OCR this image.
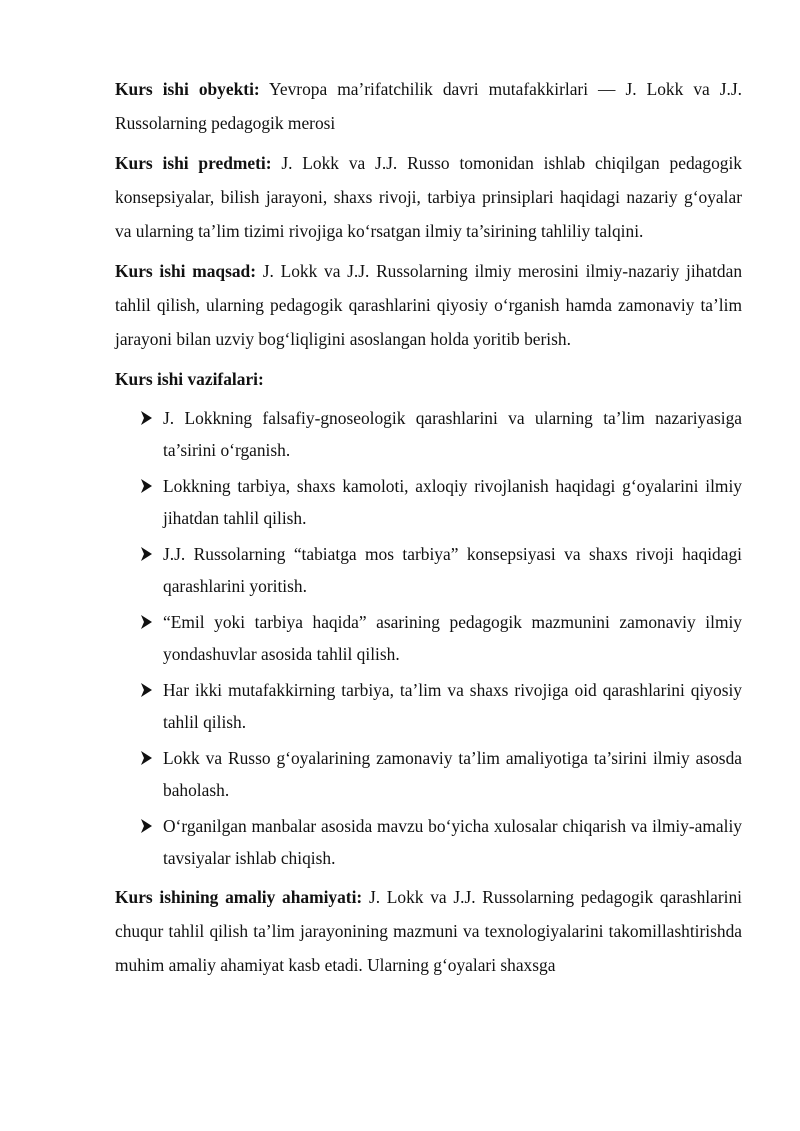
Kurs ishi obyekti: Yevropa ma’rifatchilik davri mutafakkirlari — J. Lokk va J.J. Russolarning pedagogik merosi

Kurs ishi predmeti: J. Lokk va J.J. Russo tomonidan ishlab chiqilgan pedagogik konsepsiyalar, bilish jarayoni, shaxs rivoji, tarbiya prinsiplari haqidagi nazariy g‘oyalar va ularning ta’lim tizimi rivojiga ko‘rsatgan ilmiy ta’sirining tahliliy talqini.

Kurs ishi maqsad: J. Lokk va J.J. Russolarning ilmiy merosini ilmiy-nazariy jihatdan tahlil qilish, ularning pedagogik qarashlarini qiyosiy o‘rganish hamda zamonaviy ta’lim jarayoni bilan uzviy bog‘liqligini asoslangan holda yoritib berish.

Kurs ishi vazifalari:

J. Lokkning falsafiy-gnoseologik qarashlarini va ularning ta’lim nazariyasiga ta’sirini o‘rganish.
Lokkning tarbiya, shaxs kamoloti, axloqiy rivojlanish haqidagi g‘oyalarini ilmiy jihatdan tahlil qilish.
J.J. Russolarning “tabiatga mos tarbiya” konsepsiyasi va shaxs rivoji haqidagi qarashlarini yoritish.
“Emil yoki tarbiya haqida” asarining pedagogik mazmunini zamonaviy ilmiy yondashuvlar asosida tahlil qilish.
Har ikki mutafakkirning tarbiya, ta’lim va shaxs rivojiga oid qarashlarini qiyosiy tahlil qilish.
Lokk va Russo g‘oyalarining zamonaviy ta’lim amaliyotiga ta’sirini ilmiy asosda baholash.
O‘rganilgan manbalar asosida mavzu bo‘yicha xulosalar chiqarish va ilmiy-amaliy tavsiyalar ishlab chiqish.

Kurs ishining amaliy ahamiyati: J. Lokk va J.J. Russolarning pedagogik qarashlarini chuqur tahlil qilish ta’lim jarayonining mazmuni va texnologiyalarini takomillashtirishda muhim amaliy ahamiyat kasb etadi. Ularning g‘oyalari shaxsga
